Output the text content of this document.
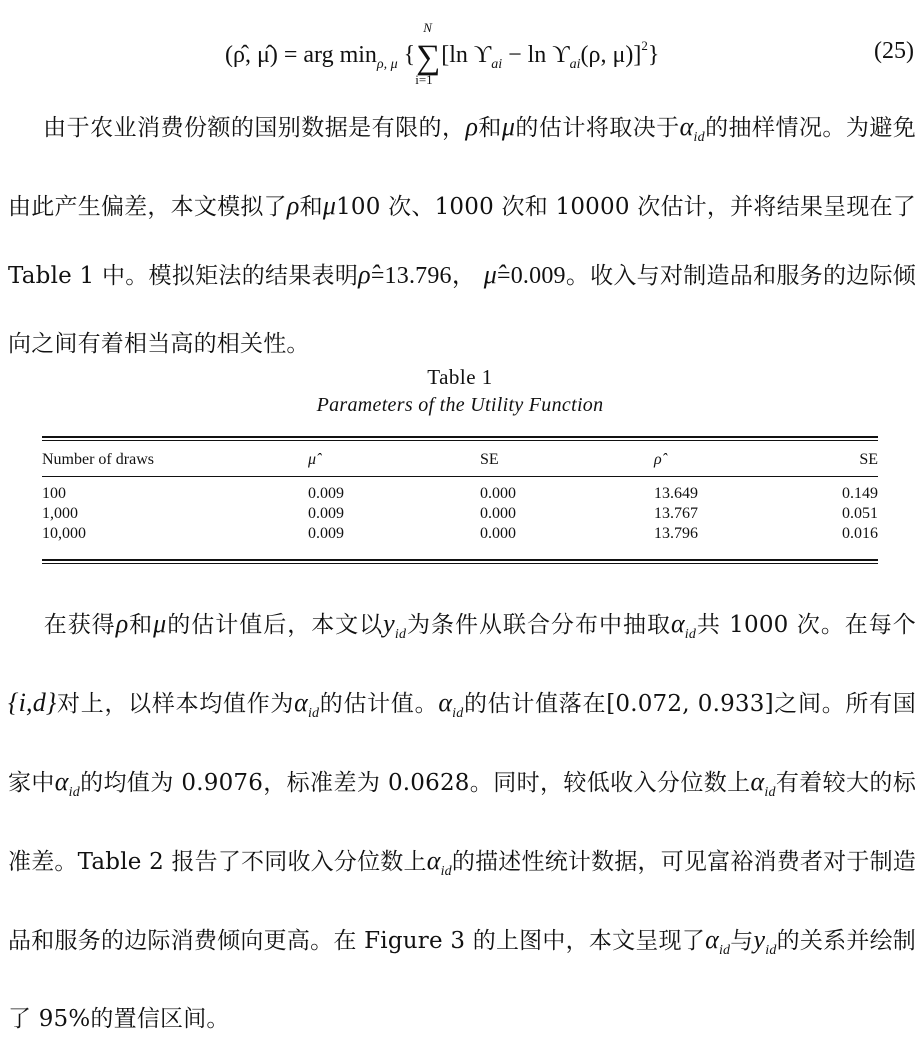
(ρ̂, μ̂) = arg $\min_{\rho, \mu}$ {
N
∑
i=1
[ln $ϒ_{ai} - \ln ϒ_{ai}(\rho$, μ)]$^2$}	(25)
  由于农业消费份额的国别数据是有限的，ρ和μ的估计将取决于$\alpha_{id}$的抽样情况。为避免由此产生偏差，本文模拟了ρ和μ100 次、1000 次和 10000 次估计，并将结果呈现在了 Table 1 中。模拟矩法的结果表明ρ̂=13.796， μ̂=0.009。收入与对制造品和服务的边际倾向之间有着相当高的相关性。
Table 1
Parameters of the Utility Function
Number of draws	μ̂	SE	ρ̂	SE
100	0.009	0.000	13.649	0.149
1,000	0.009	0.000	13.767	0.051
10,000	0.009	0.000	13.796	0.016
  在获得ρ和μ的估计值后，本文以$y_{id}$为条件从联合分布中抽取$\alpha_{id}$共 1000 次。在每个{i,d}对上，以样本均值作为$\alpha_{id}$的估计值。$\alpha_{id}$的估计值落在[0.072, 0.933]之间。所有国家中$\alpha_{id}$的均值为 0.9076，标准差为 0.0628。同时，较低收入分位数上$\alpha_{id}$有着较大的标准差。Table 2 报告了不同收入分位数上$\alpha_{id}$的描述性统计数据，可见富裕消费者对于制造品和服务的边际消费倾向更高。在 Figure 3 的上图中，本文呈现了$\alpha_{id}$与$y_{id}$的关系并绘制了 95%的置信区间。
